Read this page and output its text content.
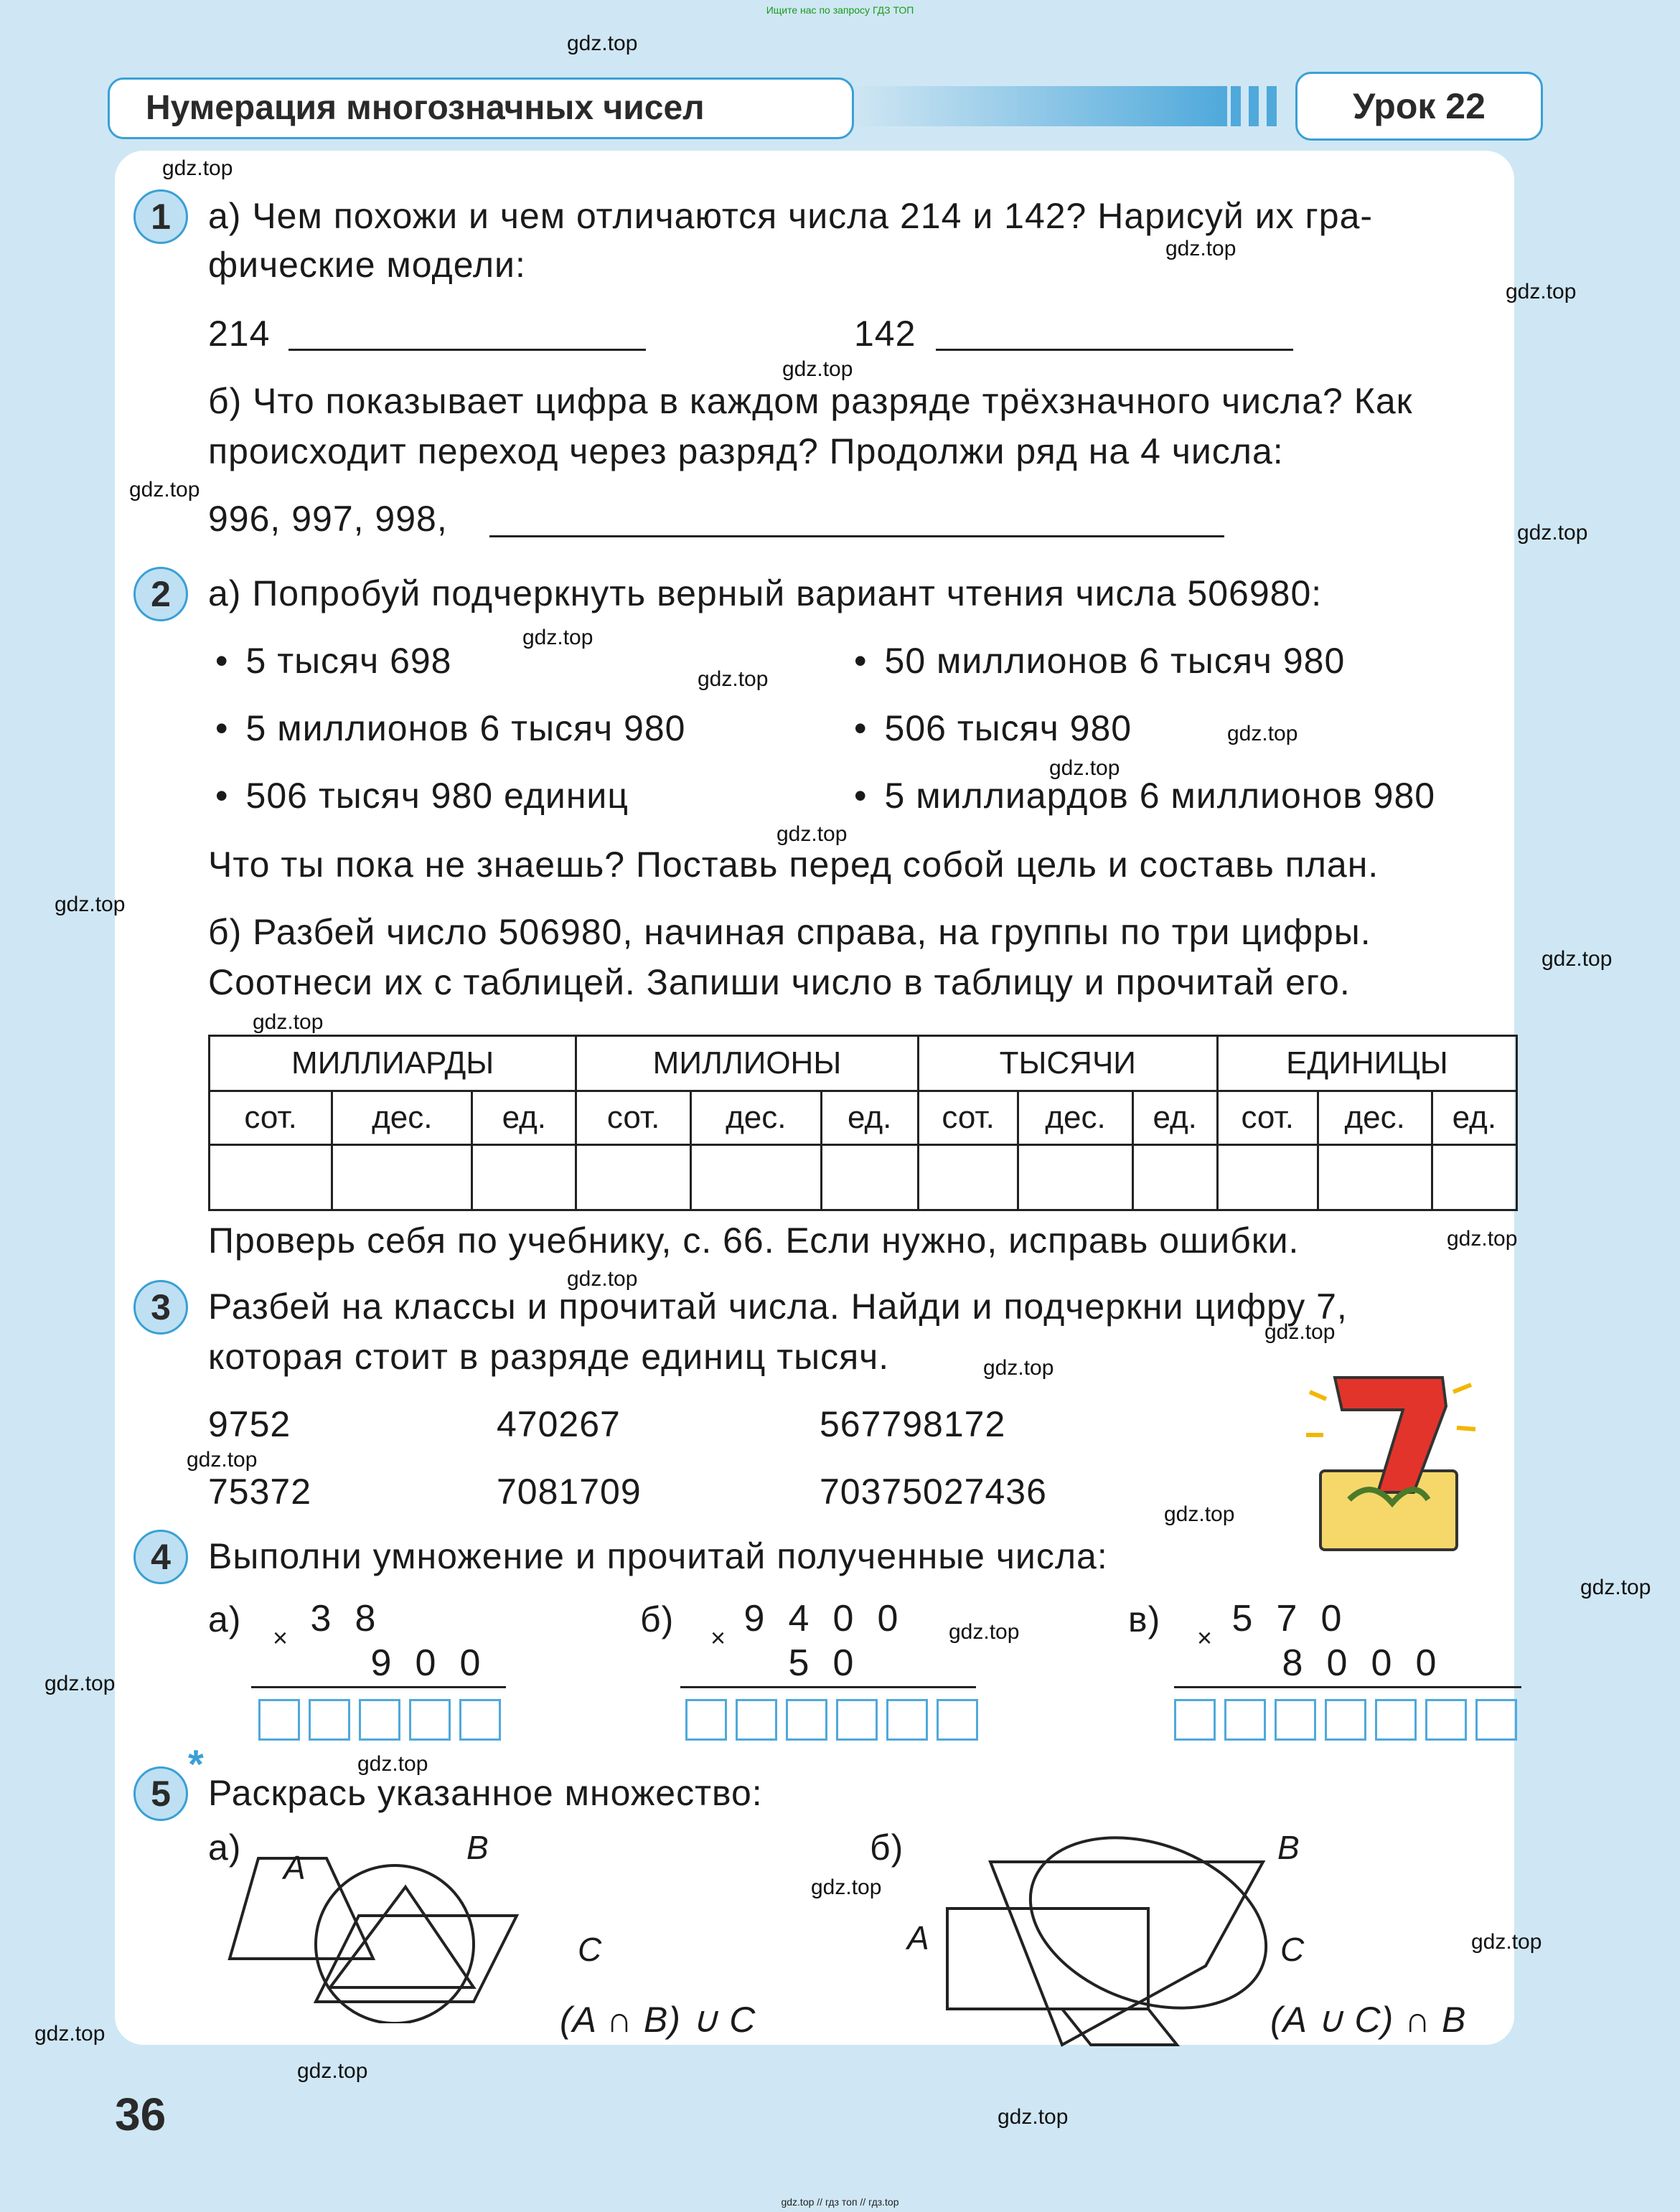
Ищите нас по запросу ГДЗ ТОП
Нумерация многозначных чисел	Урок 22
1	а) Чем похожи и чем отличаются числа 214 и 142? Нарисуй их гра-
фические модели:
214	142
б) Что показывает цифра в каждом разряде трёхзначного числа? Как
происходит переход через разряд? Продолжи ряд на 4 числа:
996, 997, 998,
2	а) Попробуй подчеркнуть верный вариант чтения числа 506980:
• 5 тысяч 698	• 50 миллионов 6 тысяч 980
• 5 миллионов 6 тысяч 980	• 506 тысяч 980
• 506 тысяч 980 единиц	• 5 миллиардов 6 миллионов 980
Что ты пока не знаешь? Поставь перед собой цель и составь план.
б) Разбей число 506980, начиная справа, на группы по три цифры.
Соотнеси их с таблицей. Запиши число в таблицу и прочитай его.
МИЛЛИАРДЫ			МИЛЛИОНЫ			ТЫСЯЧИ			ЕДИНИЦЫ		
сот.	дес.	ед.	сот.	дес.	ед.	сот.	дес.	ед.	сот.	дес.	ед.

Проверь себя по учебнику, с. 66. Если нужно, исправь ошибки.
3	Разбей на классы и прочитай числа. Найди и подчеркни цифру 7,
которая стоит в разряде единиц тысяч.
9752	470267	567798172
75372	7081709	70375027436
4	Выполни умножение и прочитай полученные числа:
а)	3 8
×
9 0 0
б)	9 4 0 0
×
5 0
в)	5 7 0
×
8 0 0 0
*
5	Раскрась указанное множество:
а)	б)
A
B
C
(A ∩ B) ∪ C
A
B
C
(A ∪ C) ∩ B
36
gdz.top
gdz.top
gdz.top
gdz.top
gdz.top
gdz.top
gdz.top
gdz.top
gdz.top
gdz.top
gdz.top
gdz.top
gdz.top
gdz.top
gdz.top
gdz.top
gdz.top
gdz.top
gdz.top
gdz.top
gdz.top
gdz.top
gdz.top
gdz.top
gdz.top
gdz.top
gdz.top
gdz.top
gdz.top
gdz.top
gdz.top // гдз топ // гдз.top
